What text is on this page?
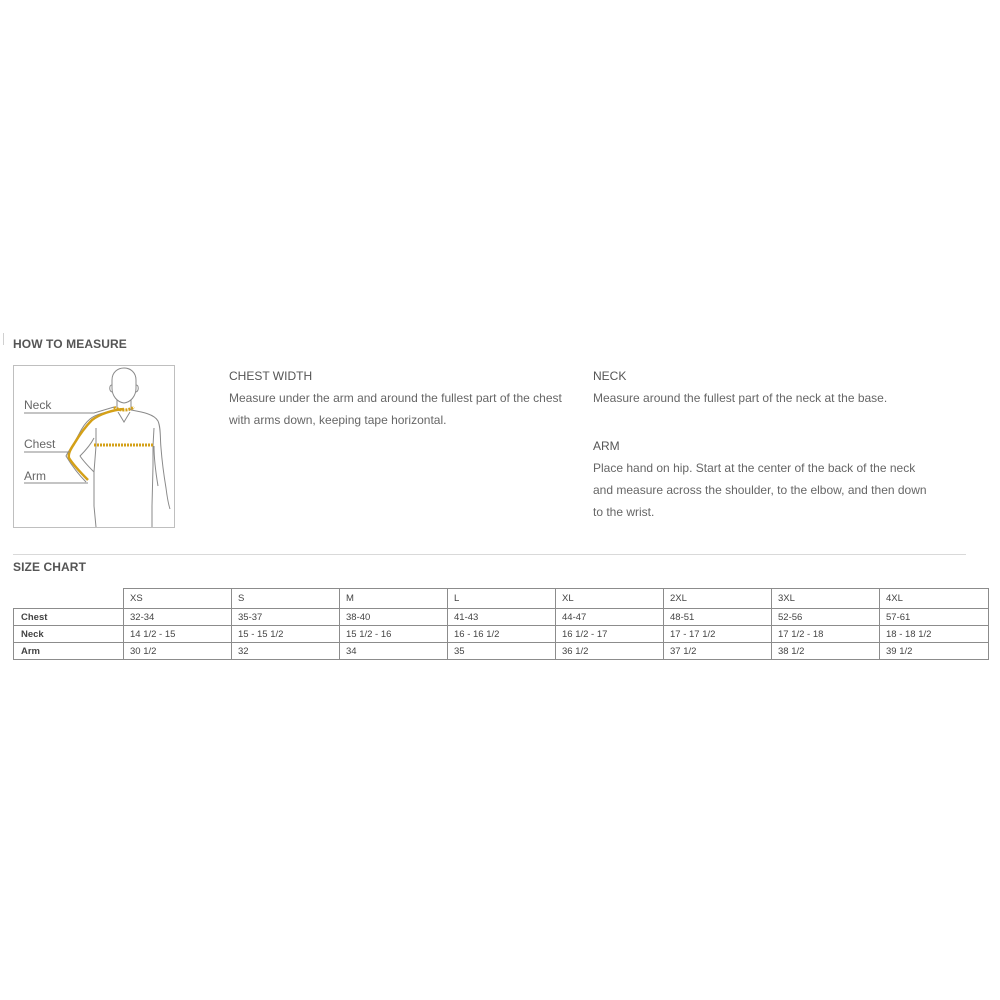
HOW TO MEASURE
Neck
Chest
Arm
CHEST WIDTH
Measure under the arm and around the fullest part of the chest with arms down, keeping tape horizontal.
NECK
Measure around the fullest part of the neck at the base.
ARM
Place hand on hip. Start at the center of the back of the neck and measure across the shoulder, to the elbow, and then down to the wrist.
SIZE CHART
	XS	S	M	L	XL	2XL	3XL	4XL
Chest	32-34	35-37	38-40	41-43	44-47	48-51	52-56	57-61
Neck	14 1/2 - 15	15 - 15 1/2	15 1/2 - 16	16 - 16 1/2	16 1/2 - 17	17 - 17 1/2	17 1/2 - 18	18 - 18 1/2
Arm	30 1/2	32	34	35	36 1/2	37 1/2	38 1/2	39 1/2
